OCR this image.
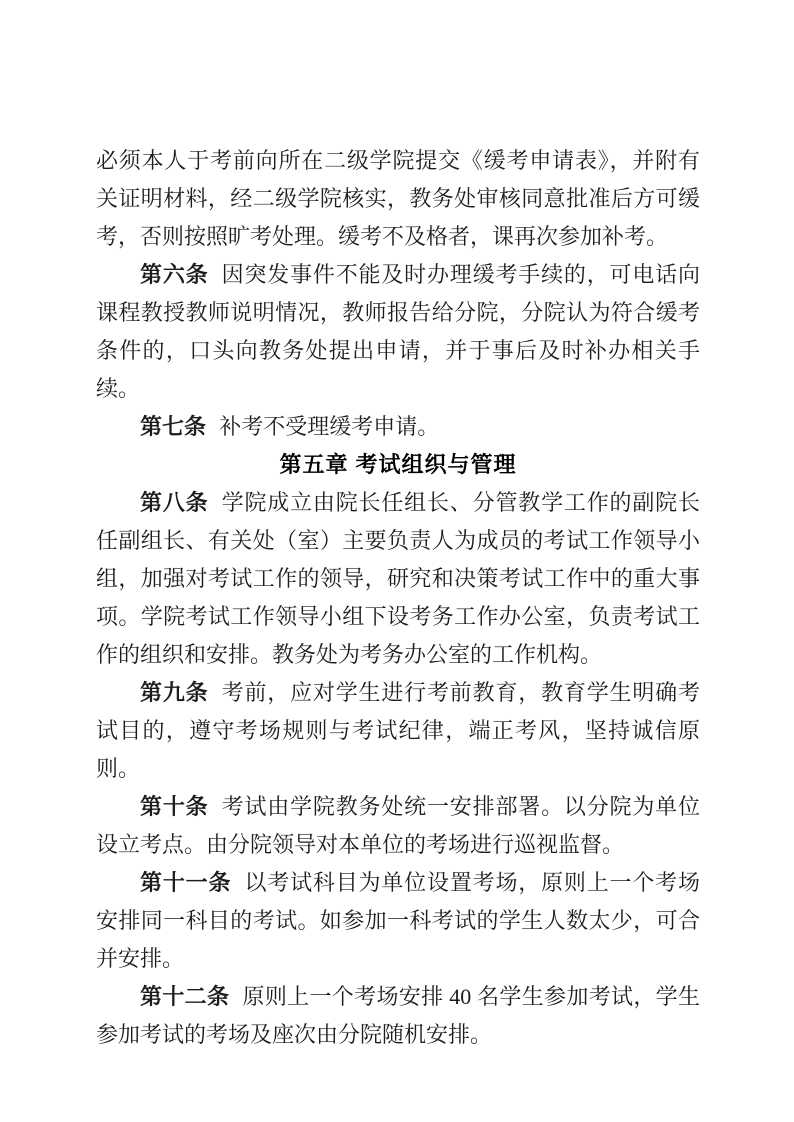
必须本人于考前向所在二级学院提交《缓考申请表》，并附有关证明材料，经二级学院核实，教务处审核同意批准后方可缓考，否则按照旷考处理。缓考不及格者，课再次参加补考。

第六条 因突发事件不能及时办理缓考手续的，可电话向课程教授教师说明情况，教师报告给分院，分院认为符合缓考条件的，口头向教务处提出申请，并于事后及时补办相关手续。

第七条 补考不受理缓考申请。

第五章 考试组织与管理

第八条 学院成立由院长任组长、分管教学工作的副院长任副组长、有关处（室）主要负责人为成员的考试工作领导小组，加强对考试工作的领导，研究和决策考试工作中的重大事项。学院考试工作领导小组下设考务工作办公室，负责考试工作的组织和安排。教务处为考务办公室的工作机构。

第九条 考前，应对学生进行考前教育，教育学生明确考试目的，遵守考场规则与考试纪律，端正考风，坚持诚信原则。

第十条 考试由学院教务处统一安排部署。以分院为单位设立考点。由分院领导对本单位的考场进行巡视监督。

第十一条 以考试科目为单位设置考场，原则上一个考场安排同一科目的考试。如参加一科考试的学生人数太少，可合并安排。

第十二条 原则上一个考场安排 40 名学生参加考试，学生参加考试的考场及座次由分院随机安排。
